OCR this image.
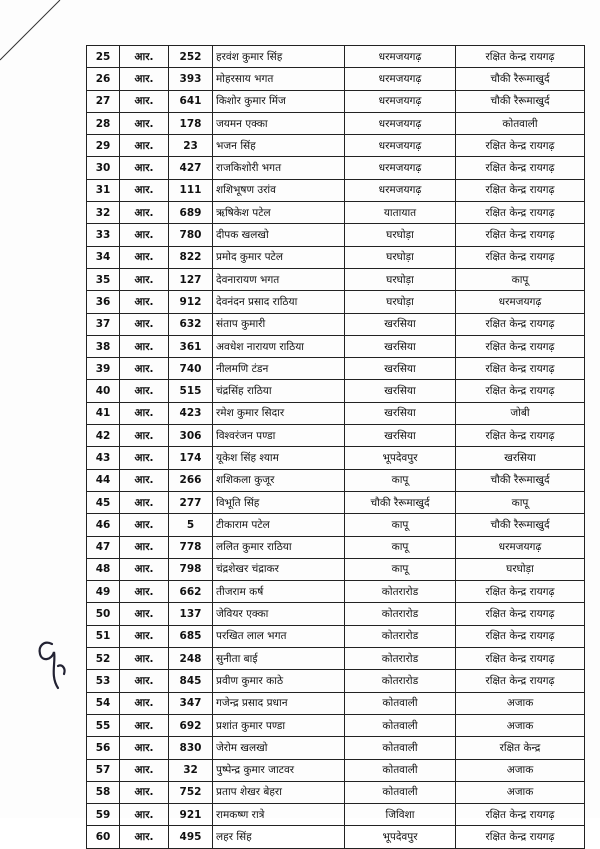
25	आर.	252	हरवंश कुमार सिंह	धरमजयगढ़	रक्षित केन्द्र रायगढ़
26	आर.	393	मोहरसाय भगत	धरमजयगढ़	चौकी रैरूमाखुर्द
27	आर.	641	किशोर कुमार मिंज	धरमजयगढ़	चौकी रैरूमाखुर्द
28	आर.	178	जयमन एक्का	धरमजयगढ़	कोतवाली
29	आर.	23	भजन सिंह	धरमजयगढ़	रक्षित केन्द्र रायगढ़
30	आर.	427	राजकिशोरी भगत	धरमजयगढ़	रक्षित केन्द्र रायगढ़
31	आर.	111	शशिभूषण उरांव	धरमजयगढ़	रक्षित केन्द्र रायगढ़
32	आर.	689	ऋषिकेश पटेल	यातायात	रक्षित केन्द्र रायगढ़
33	आर.	780	दीपक खलखो	घरघोड़ा	रक्षित केन्द्र रायगढ़
34	आर.	822	प्रमोद कुमार पटेल	घरघोड़ा	रक्षित केन्द्र रायगढ़
35	आर.	127	देवनारायण भगत	घरघोड़ा	कापू
36	आर.	912	देवनंदन प्रसाद राठिया	घरघोड़ा	धरमजयगढ़
37	आर.	632	संताप कुमारी	खरसिया	रक्षित केन्द्र रायगढ़
38	आर.	361	अवधेश नारायण राठिया	खरसिया	रक्षित केन्द्र रायगढ़
39	आर.	740	नीलमणि टंडन	खरसिया	रक्षित केन्द्र रायगढ़
40	आर.	515	चंद्रसिंह राठिया	खरसिया	रक्षित केन्द्र रायगढ़
41	आर.	423	रमेश कुमार सिदार	खरसिया	जोबी
42	आर.	306	विश्वरंजन पण्डा	खरसिया	रक्षित केन्द्र रायगढ़
43	आर.	174	यूकेश सिंह श्याम	भूपदेवपुर	खरसिया
44	आर.	266	शशिकला कुजूर	कापू	चौकी रैरूमाखुर्द
45	आर.	277	विभूति सिंह	चौकी रैरूमाखुर्द	कापू
46	आर.	5	टीकाराम पटेल	कापू	चौकी रैरूमाखुर्द
47	आर.	778	ललित कुमार राठिया	कापू	धरमजयगढ़
48	आर.	798	चंद्रशेखर चंद्राकर	कापू	घरघोड़ा
49	आर.	662	तीजराम कर्ष	कोतरारोड	रक्षित केन्द्र रायगढ़
50	आर.	137	जेवियर एक्का	कोतरारोड	रक्षित केन्द्र रायगढ़
51	आर.	685	परखित लाल भगत	कोतरारोड	रक्षित केन्द्र रायगढ़
52	आर.	248	सुनीता बाई	कोतरारोड	रक्षित केन्द्र रायगढ़
53	आर.	845	प्रवीण कुमार काठे	कोतरारोड	रक्षित केन्द्र रायगढ़
54	आर.	347	गजेन्द्र प्रसाद प्रधान	कोतवाली	अजाक
55	आर.	692	प्रशांत कुमार पण्डा	कोतवाली	अजाक
56	आर.	830	जेरोम खलखो	कोतवाली	रक्षित केन्द्र
57	आर.	32	पुष्पेन्द्र कुमार जाटवर	कोतवाली	अजाक
58	आर.	752	प्रताप शेखर बेहरा	कोतवाली	अजाक
59	आर.	921	रामकष्ण रात्रे	जिविशा	रक्षित केन्द्र रायगढ़
60	आर.	495	लहर सिंह	भूपदेवपुर	रक्षित केन्द्र रायगढ़
